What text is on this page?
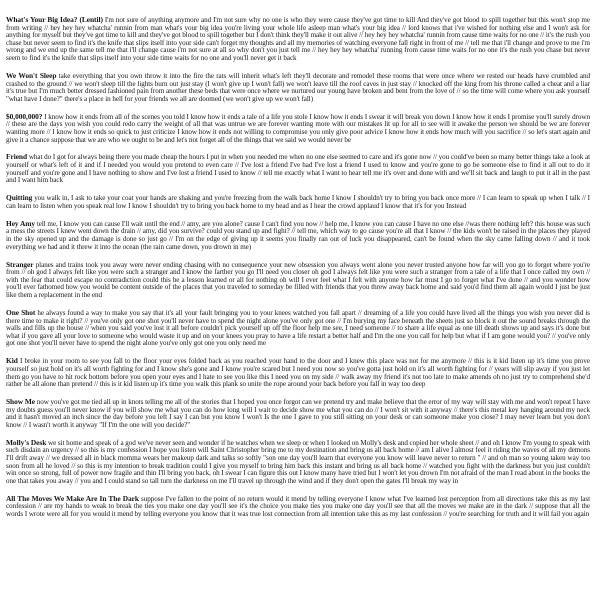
What's Your Big Idea? (Lentil) I'm not sure of anything anymore and I'm not sure why no one is who they were cause they've got time to kill And they've got blood to spill together but this won't stop me from writing // hey hey hey whatcha' runnin from man what's your big idea you're living your whole life asleep man what's your big idea // lord knows that i've wished for nothing else and I won't ask for anything for myself but they've got time to kill and they've got blood to spill together but I don't think they'll make it out alive // hey hey hey whatcha' runnin from cause time waits for no one // it's the rush you chase but never seem to find it's the knife that slips itself into your side can't forget my thoughts and all my memories of watching everyone fall right in front of me // tell me that i'll change and prove to me i'm wrong and we end up the same tell me that i'll change cause i'm not sure at all so why don't you just tell me // hey hey hey whatcha' running from cause time waits for no one it's the rush you chase but never seem to find it's the knife that slips itself into your side time waits for no one and you'll never get it back

We Won't Sleep take everything that you own throw it into the fire the rats will inherit what's left they'll decorate and remodel these rooms that were once where we rested our heads have crumbled and crashed to the ground // we won't sleep till the lights burn out just stay (I won't give up I won't fall) we won't leave till the roof caves in just stay // knocked off the king from his throne called a cheat and a liar it's true but I'm much better dressed fashioned pain from another these beds that were once where we nurtured our young have broken and bent from the love of // so the time will come where you ask yourself "what have I done?" there's a place in hell for your friends we all are doomed (we won't give up we won't fall)

$0,000,000? I know how it ends from all of the scenes you told I know how it ends a tale of a life you stole I know how it ends I swear it will break you down I know how it ends I promise you'll surely drown // these are the days you wish you could redo carry the weight of all that was untrue we are forever wanting more with our mistakes lit up for all to see will it awake the person we should be we are forever wanting more // I know how it ends so quick to just criticize I know how it ends not willing to compromise you only give poor advice I know how it ends how much will you sacrifice // so let's start again and give it a chance suppose that we are who we ought to be and let's not forget all of the things that we said we would never be

Friend what do I got for always being there you made cheap the hours I put in when you needed me when no one else seemed to care and it's gone now // you could've been so many better things take a look at yourself or what's left of it and if I needed you would you pretend to even care // I've lost a friend I've had I've lost a friend I used to know and you're gone to go be someone else to find it all out to do it yourself and you're gone and I have nothing to show and I've lost a friend I used to know // tell me exactly what I want to hear tell me it's over and done with and we'll sit back and laugh to put it all in the past and I want him back

Quitting you walk in, I ask to take your coat your hands are shaking and you're freezing from the walk back home I know I shouldn't try to bring you back once more // I can learn to speak up when I talk // I can learn to listen when you speak real low I know I shouldn't try to bring you back home to my head and as I hear the crowd applaud I know that it's for you Instead

Hey Amy tell me, I know you can cause I'll wait until the end // amy, are you alone? cause I can't find you now // help me, I know you can cause I have no one else //was there nothing left? this house was such a mess the streets I knew went down the drain // amy, did you survive? could you stand up and fight? // tell me, which way to go cause you're all that I know // the kids won't be raised in the places they played in the sky opened up and the damage is done so just go // I'm on the edge of giving up it seems you finally ran out of luck you disappeared, can't be found when the sky came falling down // and it took everything we had and it threw it into the ocean (the rain came down, you drown in me)

Stranger planes and trains took you away were never ending chasing with no consequence your new obsession you always went alone you never trusted anyone how far will you go to forget where you're from // oh god I always felt like you were such a stranger and I know the farther you go I'll need you closer oh god I always felt like you were such a stranger from a tale of a life that I once called my own // with the fear that could escape no contradiction could this be a lesson learned or all for nothing oh will I ever feel what I felt with anyone how far must I go to forget what I've done // and you wonder how you'll ever fathomed how you would be content outside of the places that you traveled to someday be filled with friends that you threw away back home and said you'd find them all again would I just be just like them a replacement in the end

One Shot he always found a way to make you say that it's all your fault bringing you to your knees watched you fall apart // dreaming of a life you could have lived all the things you wish you never did is there time to make it right? // you've only got one shot you'll never have to spend the night alone you've only got one // I'm burying my face beneath the sheets just so block it out the sound breaks through the walls and fills up the house // when you said you've lost it all before couldn't pick yourself up off the floor help me see, I need someone // to share a life equal as one till death shows up and says it's done but what if you gave all your love to someone who would waste it up and on your knees you pray to have a life restart a better half and I'm the one you call for help but what if I am gone would you? // you've only got one shot you'll never have to spend the night alone you've only got one you only need me

Kid I broke in your room to see you fall to the floor your eyes folded back as you reached your hand to the door and I knew this place was not for me anymore // this is it kid listen up it's time you prove yourself so just hold on it's all worth fighting for and I know she's gone and I know you're scared but I need you now so you've gotta just hold on it's all worth fighting for // years will slip away if you just let them go you have to hit rock bottom before you open your eyes and I hate to see you like this I need you on my side // walk away my friend it's not too late to make amends oh no just try to comprehend she'd rather be all alone than pretend // this is it kid listen up it's time you walk this plank so unite the rope around your back before you fall in way too deep

Show Me now you've got me tied all up in knots telling me all of the stories that I hoped you once forgot can we pretend try and make believe that the error of my way will stay with me and won't repeat I have my doubts guess you'll never know if you will show me what you can do how long will I wait to decide show me what you can do // I won't sit with it anyway // there's this metal key hanging around my neck and it hasn't moved an inch since the day before you left I say I can but you know I won't Is the one I gave to you still sitting on your desk or can someone make you close? I may never learn but you don't know // I wasn't worth it anyway "If I'm the one will you decide?"

Molly's Desk we sit home and speak of a god we've never seen and wonder if he watches when we sleep or when I looked on Molly's desk and copied her whole sheet // and oh I know I'm young to speak with such disdain an urgency // so this is my confession I hope you listen will Saint Christopher bring me to my destination and bring us all back home // am I alive I almost feel it riding the waves of all my demons I'll drift away // we dressed all in black momma wears her makeup dark and talks so softly "son one day you'll learn that everyone you know will leave never to return " // and oh man so young taken way too soon from all he loved // so this is my intention to break tradition could I give you myself to bring him back this instant and bring us all back home // watched you fight with the darkness but you just couldn't win once so strong, full of power now fragile and thin I'll bring you back, oh I swear I can figure this out I know many have tried but I won't let you drown I'm not afraid of the man I read about in the books the one that takes you away // you and I could stand so tall turn the darkness on me I'll travel up through the wind and if they don't open the gates I'll break my way in

All The Moves We Make Are In The Dark suppose I've fallen to the point of no return would it mend by telling everyone I know what I've learned lost perception from all directions take this as my last confession // are my hands to weak to break the ties you make one day you'll see it's the choice you make ties you make one day you'll see that all the moves we make are in the dark // suppose that all the words I wrote were all for you would it mend by telling everyone you know that it was true lost connection from all intention take this as my last confession // you're searching for truth and it will fail you again
